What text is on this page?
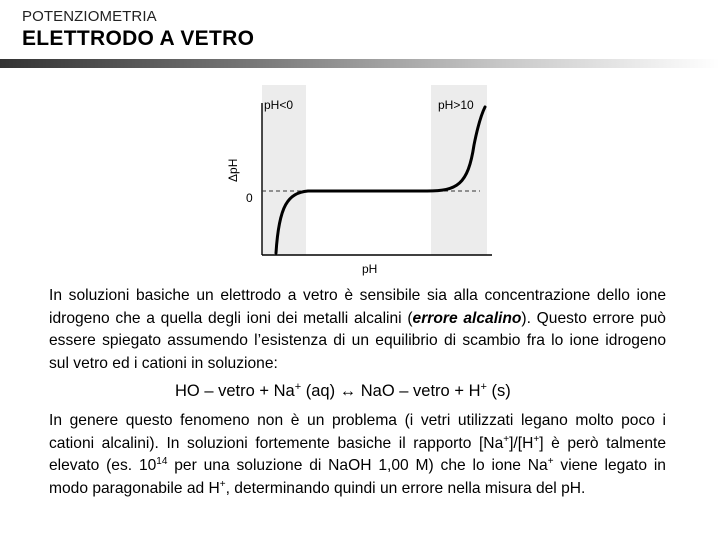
POTENZIOMETRIA
ELETTRODO A VETRO
pH<0	pH>10
ΔpH
0
pH

In soluzioni basiche un elettrodo a vetro è sensibile sia alla concentrazione dello ione idrogeno che a quella degli ioni dei metalli alcalini (errore alcalino). Questo errore può essere spiegato assumendo l’esistenza di un equilibrio di scambio fra lo ione idrogeno sul vetro ed i cationi in soluzione:

HO – vetro + Na+ (aq) ↔ NaO – vetro + H+ (s)

In genere questo fenomeno non è un problema (i vetri utilizzati legano molto poco i cationi alcalini). In soluzioni fortemente basiche il rapporto [Na+]/[H+] è però talmente elevato (es. $10^{14}$ per una soluzione di NaOH 1,00 M) che lo ione Na+ viene legato in modo paragonabile ad H+, determinando quindi un errore nella misura del pH.
